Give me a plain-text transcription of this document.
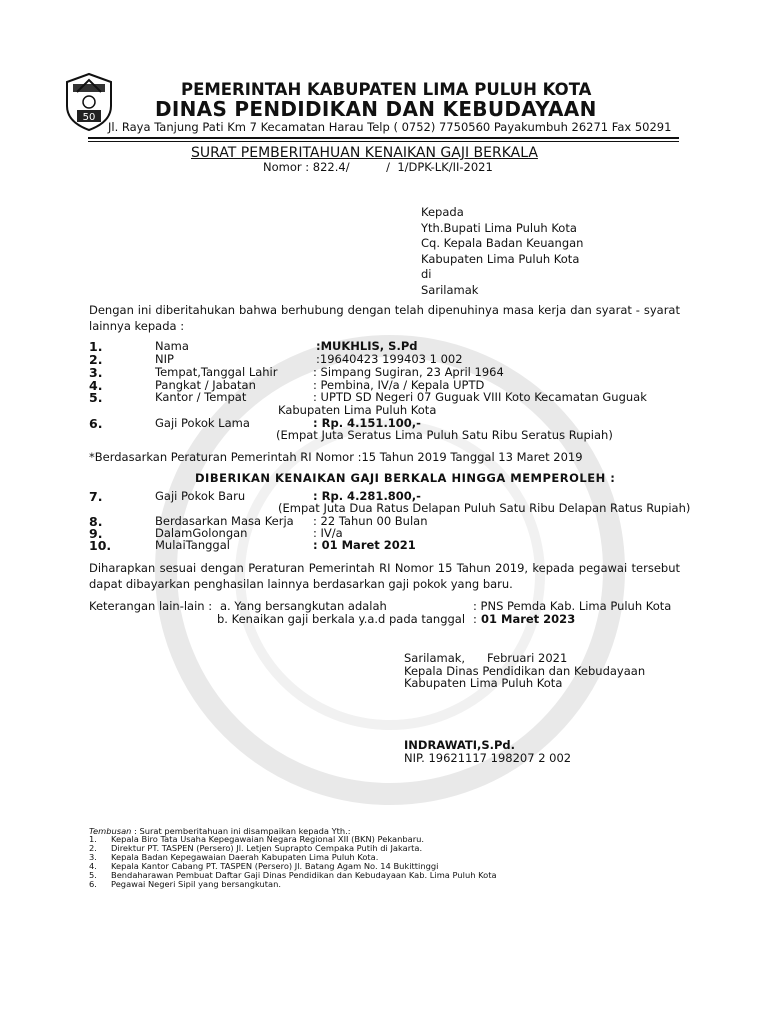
50
PEMERINTAH KABUPATEN LIMA PULUH KOTA
DINAS PENDIDIKAN DAN KEBUDAYAAN
Jl. Raya Tanjung Pati Km 7 Kecamatan Harau Telp ( 0752) 7750560 Payakumbuh 26271 Fax 50291
SURAT PEMBERITAHUAN KENAIKAN GAJI BERKALA
Nomor : 822.4/          /  1/DPK-LK/II-2021
Kepada
Yth.Bupati Lima Puluh Kota
Cq. Kepala Badan Keuangan
Kabupaten Lima Puluh Kota
di
Sarilamak
Dengan ini diberitahukan bahwa berhubung dengan telah dipenuhinya masa kerja dan syarat - syarat
lainnya kepada :
1.	Nama	:MUKHLIS, S.Pd
2.	NIP	:19640423 199403 1 002
3.	Tempat,Tanggal Lahir	: Simpang Sugiran, 23 April 1964
4.	Pangkat / Jabatan	: Pembina, IV/a / Kepala UPTD
5.	Kantor / Tempat	: UPTD SD Negeri 07 Guguak VIII Koto Kecamatan Guguak
Kabupaten Lima Puluh Kota
6.	Gaji Pokok Lama	: Rp. 4.151.100,-
(Empat Juta Seratus Lima Puluh Satu Ribu Seratus Rupiah)
*Berdasarkan Peraturan Pemerintah RI Nomor :15 Tahun 2019 Tanggal 13 Maret 2019
DIBERIKAN KENAIKAN GAJI BERKALA HINGGA MEMPEROLEH :
7.	Gaji Pokok Baru	: Rp. 4.281.800,-
(Empat Juta Dua Ratus Delapan Puluh Satu Ribu Delapan Ratus Rupiah)
8.	Berdasarkan Masa Kerja : 22 Tahun 00 Bulan
9.	DalamGolongan	: IV/a
10.	MulaiTanggal	: 01 Maret 2021
Diharapkan sesuai dengan Peraturan Pemerintah RI Nomor 15 Tahun 2019, kepada pegawai tersebut
dapat dibayarkan penghasilan lainnya berdasarkan gaji pokok yang baru.
Keterangan lain-lain : a. Yang bersangkutan adalah	: PNS Pemda Kab. Lima Puluh Kota
b. Kenaikan gaji berkala y.a.d pada tanggal : 01 Maret 2023
Sarilamak,      Februari 2021
Kepala Dinas Pendidikan dan Kebudayaan
Kabupaten Lima Puluh Kota
INDRAWATI,S.Pd.
NIP. 19621117 198207 2 002
Tembusan : Surat pemberitahuan ini disampaikan kepada Yth.:
1. Kepala Biro Tata Usaha Kepegawaian Negara Regional XII (BKN) Pekanbaru.
2. Direktur PT. TASPEN (Persero) Jl. Letjen Suprapto Cempaka Putih di Jakarta.
3. Kepala Badan Kepegawaian Daerah Kabupaten Lima Puluh Kota.
4. Kepala Kantor Cabang PT. TASPEN (Persero) Jl. Batang Agam No. 14 Bukittinggi
5. Bendaharawan Pembuat Daftar Gaji Dinas Pendidikan dan Kebudayaan Kab. Lima Puluh Kota
6. Pegawai Negeri Sipil yang bersangkutan.
